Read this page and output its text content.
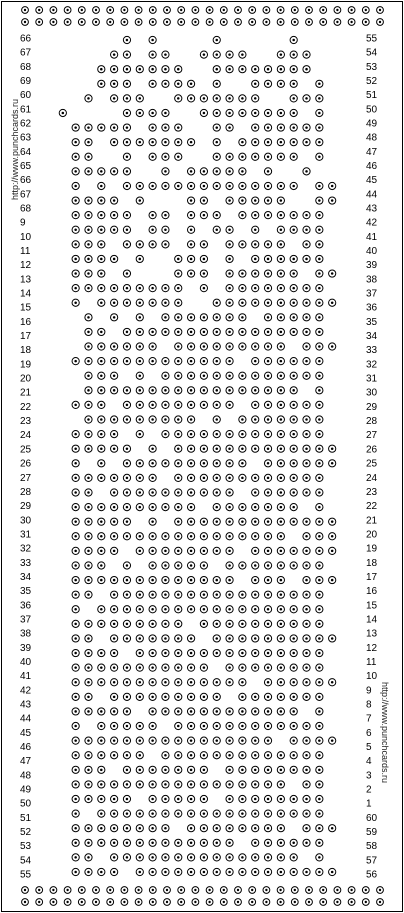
66
67
68
69
60
61
62
63
64
65
66
67
68
9
10
11
12
13
14
15
16
17
18
19
20
21
22
23
24
25
26
27
28
29
30
31
32
33
34
35
36
37
38
39
40
41
42
43
44
45
46
47
48
49
50
51
52
53
54
55
55
54
53
52
51
50
49
48
47
46
45
44
43
42
41
40
39
38
37
36
35
34
33
32
31
30
29
28
27
26
25
24
23
22
21
20
19
18
17
16
15
14
13
12
11
10
9
8
7
6
5
4
3
2
1
60
59
58
57
56
http://www.punchcards.ru
http://www.punchcards.ru
